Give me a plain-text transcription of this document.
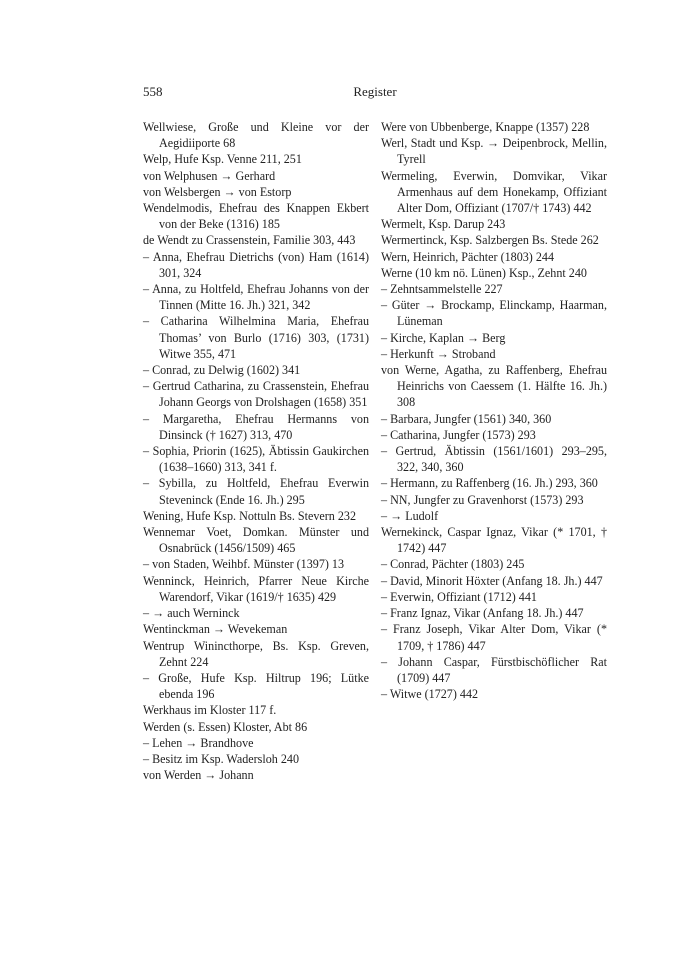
558	Register

Wellwiese, Große und Kleine vor der Aegidiiporte 68

Welp, Hufe Ksp. Venne 211, 251

von Welphusen → Gerhard

von Welsbergen → von Estorp

Wendelmodis, Ehefrau des Knappen Ekbert von der Beke (1316) 185

de Wendt zu Crassenstein, Familie 303, 443

– Anna, Ehefrau Dietrichs (von) Ham (1614) 301, 324

– Anna, zu Holtfeld, Ehefrau Johanns von der Tinnen (Mitte 16. Jh.) 321, 342

– Catharina Wilhelmina Maria, Ehefrau Thomas’ von Burlo (1716) 303, (1731) Witwe 355, 471

– Conrad, zu Delwig (1602) 341

– Gertrud Catharina, zu Crassenstein, Ehefrau Johann Georgs von Drolshagen (1658) 351

– Margaretha, Ehefrau Hermanns von Dinsinck († 1627) 313, 470

– Sophia, Priorin (1625), Äbtissin Gaukirchen (1638–1660) 313, 341 f.

– Sybilla, zu Holtfeld, Ehefrau Everwin Steveninck (Ende 16. Jh.) 295

Wening, Hufe Ksp. Nottuln Bs. Stevern 232

Wennemar Voet, Domkan. Münster und Osnabrück (1456/1509) 465

– von Staden, Weihbf. Münster (1397) 13

Wenninck, Heinrich, Pfarrer Neue Kirche Warendorf, Vikar (1619/† 1635) 429

– → auch Werninck

Wentinckman → Wevekeman

Wentrup Winincthorpe, Bs. Ksp. Greven, Zehnt 224

– Große, Hufe Ksp. Hiltrup 196; Lütke ebenda 196

Werkhaus im Kloster 117 f.

Werden (s. Essen) Kloster, Abt 86

– Lehen → Brandhove

– Besitz im Ksp. Wadersloh 240

von Werden → Johann

Were von Ubbenberge, Knappe (1357) 228

Werl, Stadt und Ksp. → Deipenbrock, Mellin, Tyrell

Wermeling, Everwin, Domvikar, Vikar Armenhaus auf dem Honekamp, Offiziant Alter Dom, Offiziant (1707/† 1743) 442

Wermelt, Ksp. Darup 243

Wermertinck, Ksp. Salzbergen Bs. Stede 262

Wern, Heinrich, Pächter (1803) 244

Werne (10 km nö. Lünen) Ksp., Zehnt 240

– Zehntsammelstelle 227

– Güter → Brockamp, Elinckamp, Haarman, Lüneman

– Kirche, Kaplan → Berg

– Herkunft → Stroband

von Werne, Agatha, zu Raffenberg, Ehefrau Heinrichs von Caessem (1. Hälfte 16. Jh.) 308

– Barbara, Jungfer (1561) 340, 360

– Catharina, Jungfer (1573) 293

– Gertrud, Äbtissin (1561/1601) 293–295, 322, 340, 360

– Hermann, zu Raffenberg (16. Jh.) 293, 360

– NN, Jungfer zu Gravenhorst (1573) 293

– → Ludolf

Wernekinck, Caspar Ignaz, Vikar (* 1701, † 1742) 447

– Conrad, Pächter (1803) 245

– David, Minorit Höxter (Anfang 18. Jh.) 447

– Everwin, Offiziant (1712) 441

– Franz Ignaz, Vikar (Anfang 18. Jh.) 447

– Franz Joseph, Vikar Alter Dom, Vikar (* 1709, † 1786) 447

– Johann Caspar, Fürstbischöflicher Rat (1709) 447

– Witwe (1727) 442
